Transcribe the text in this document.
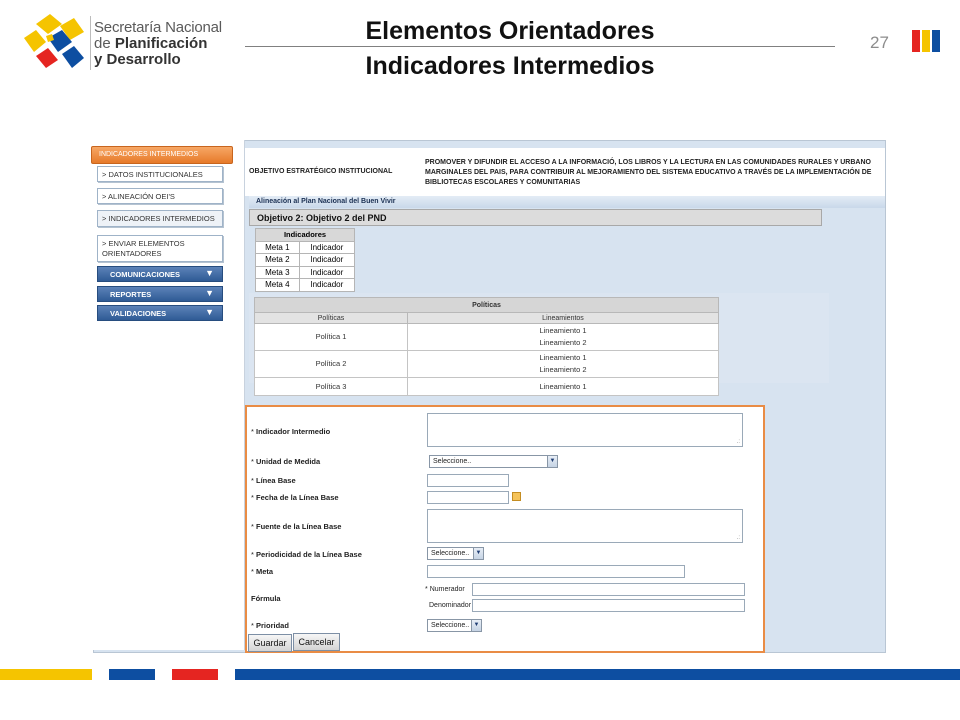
Secretaría Nacional
de Planificación
y Desarrollo
Elementos Orientadores
Indicadores Intermedios
27
INDICADORES INTERMEDIOS
> DATOS INSTITUCIONALES
> ALINEACIÓN OEI'S
> INDICADORES INTERMEDIOS
> ENVIAR ELEMENTOS ORIENTADORES
COMUNICACIONES	▼
REPORTES	▼
VALIDACIONES	▼
OBJETIVO ESTRATÉGICO INSTITUCIONAL
PROMOVER Y DIFUNDIR EL ACCESO A LA INFORMACIÓ, LOS LIBROS Y LA LECTURA EN LAS COMUNIDADES RURALES Y URBANO MARGINALES DEL PAIS, PARA CONTRIBUIR AL MEJORAMIENTO DEL SISTEMA EDUCATIVO A TRAVÉS DE LA IMPLEMENTACIÓN DE BIBLIOTECAS ESCOLARES Y COMUNITARIAS
Alineación al Plan Nacional del Buen Vivir
Objetivo 2: Objetivo 2 del PND
Indicadores	
Meta 1	Indicador
Meta 2	Indicador
Meta 3	Indicador
Meta 4	Indicador
Políticas	
Políticas	Lineamientos
Política 1	Lineamiento 1
Lineamiento 2

Política 2	Lineamiento 1
Lineamiento 2

Política 3	Lineamiento 1
* Indicador Intermedio
.:
* Unidad de Medida	Seleccione..	▼
* Línea Base
* Fecha de la Línea Base
* Fuente de la Línea Base
.:
* Periodicidad de la Línea Base	Seleccione..	▼
* Meta
Fórmula
* Numerador
Denominador
* Prioridad	Seleccione.. ▼
Guardar	Cancelar
